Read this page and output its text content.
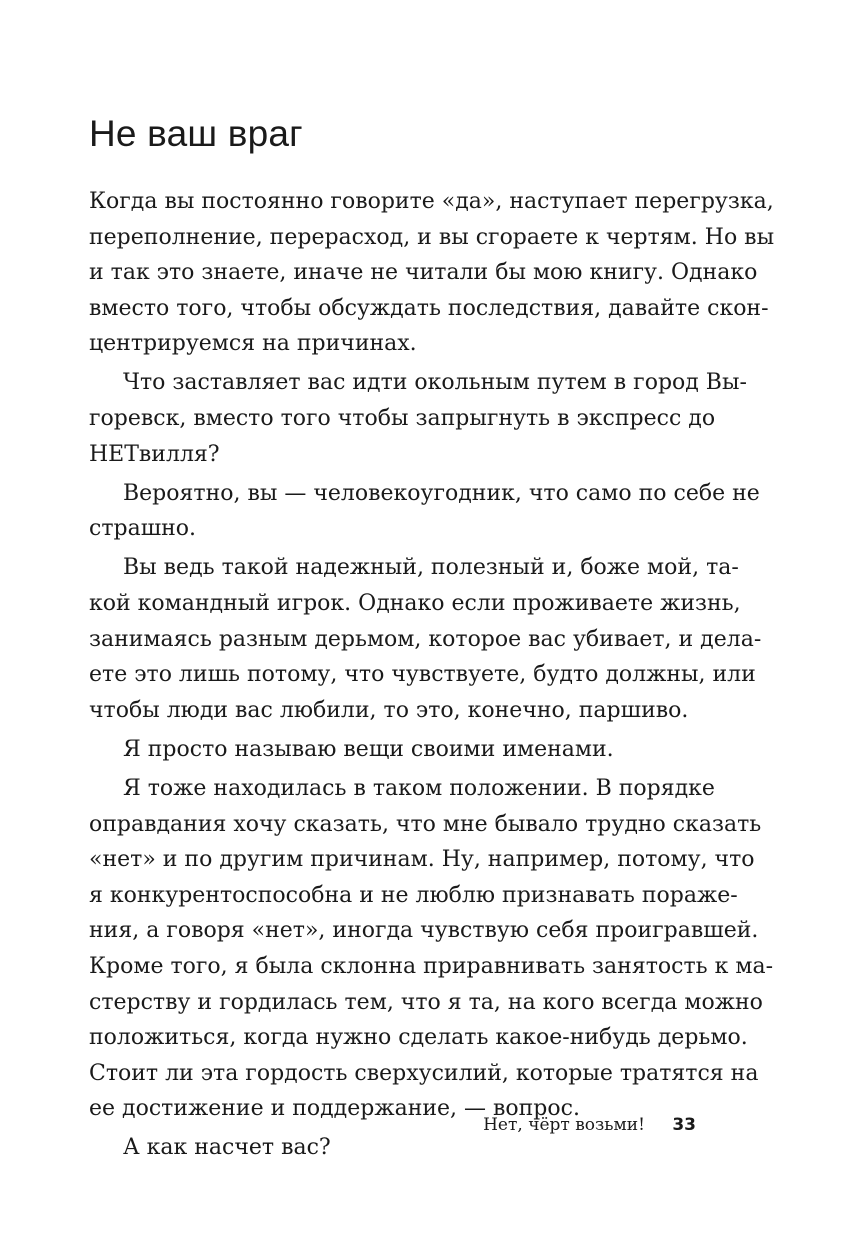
Не ваш враг
Когда вы постоянно говорите «да», наступает перегрузка,
переполнение, перерасход, и вы сгораете к чертям. Но вы
и так это знаете, иначе не читали бы мою книгу. Однако
вместо того, чтобы обсуждать последствия, давайте скон-
центрируемся на причинах.
Что заставляет вас идти окольным путем в город Вы-
горевск, вместо того чтобы запрыгнуть в экспресс до
НЕТвилля?
Вероятно, вы — человекоугодник, что само по себе не
страшно.
Вы ведь такой надежный, полезный и, боже мой, та-
кой командный игрок. Однако если проживаете жизнь,
занимаясь разным дерьмом, которое вас убивает, и дела-
ете это лишь потому, что чувствуете, будто должны, или
чтобы люди вас любили, то это, конечно, паршиво.
Я просто называю вещи своими именами.
Я тоже находилась в таком положении. В порядке
оправдания хочу сказать, что мне бывало трудно сказать
«нет» и по другим причинам. Ну, например, потому, что
я конкурентоспособна и не люблю признавать пораже-
ния, а говоря «нет», иногда чувствую себя проигравшей.
Кроме того, я была склонна приравнивать занятость к ма-
стерству и гордилась тем, что я та, на кого всегда можно
положиться, когда нужно сделать какое-нибудь дерьмо.
Стоит ли эта гордость сверхусилий, которые тратятся на
ее достижение и поддержание, — вопрос.
А как насчет вас?
Нет, чёрт возьми! 33
